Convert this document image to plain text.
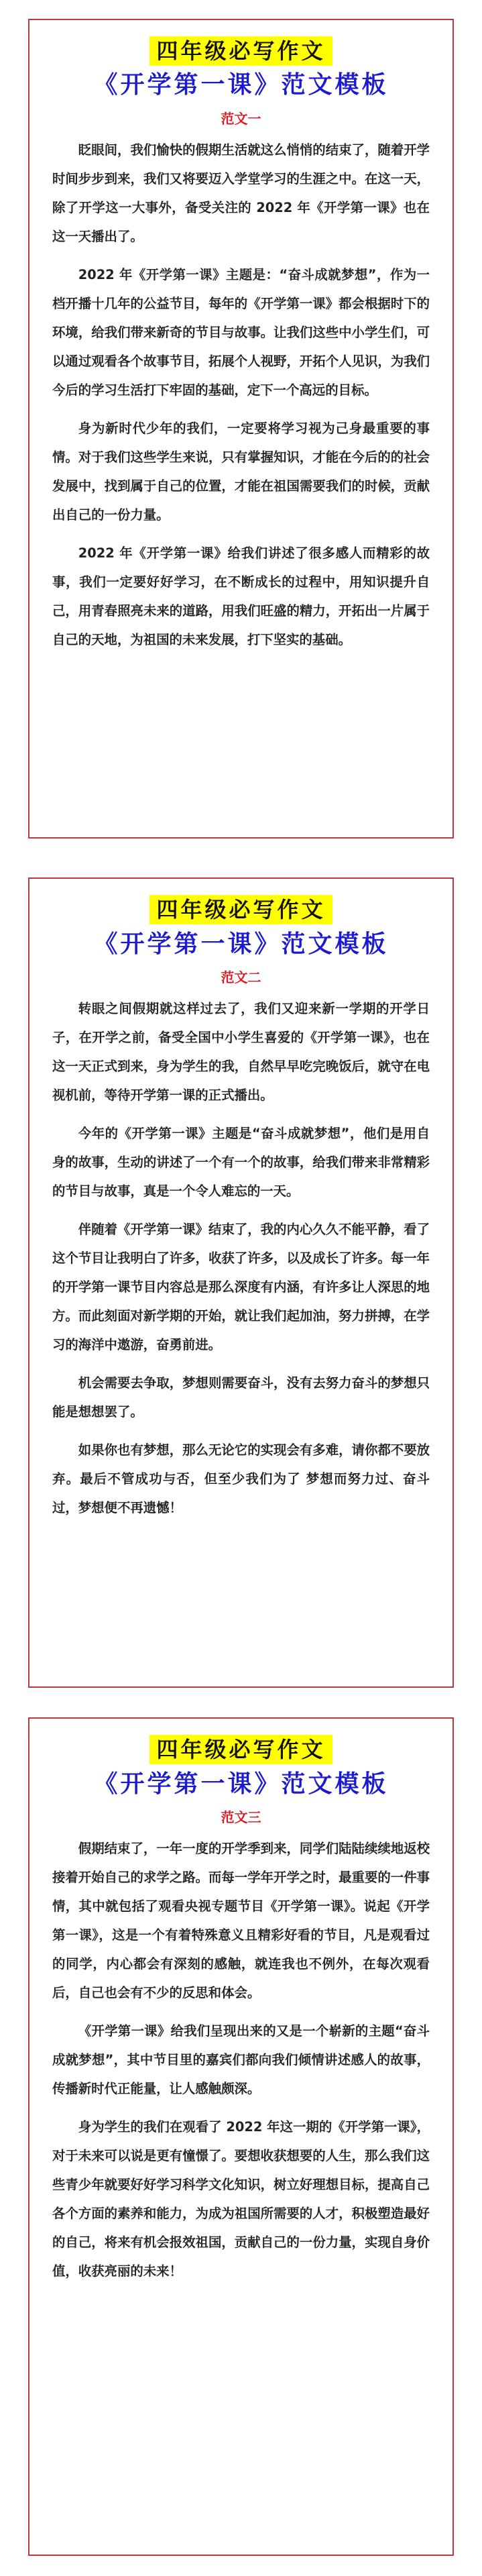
四年级必写作文
《开学第一课》范文模板
范文一

眨眼间，我们愉快的假期生活就这么悄悄的结束了，随着开学时间步步到来，我们又将要迈入学堂学习的生涯之中。在这一天，除了开学这一大事外，备受关注的 2022 年《开学第一课》也在这一天播出了。

2022 年《开学第一课》主题是：“奋斗成就梦想”，作为一档开播十几年的公益节目，每年的《开学第一课》都会根据时下的环境，给我们带来新奇的节目与故事。让我们这些中小学生们，可以通过观看各个故事节目，拓展个人视野，开拓个人见识，为我们今后的学习生活打下牢固的基础，定下一个高远的目标。

身为新时代少年的我们，一定要将学习视为己身最重要的事情。对于我们这些学生来说，只有掌握知识，才能在今后的的社会发展中，找到属于自己的位置，才能在祖国需要我们的时候，贡献出自己的一份力量。

2022 年《开学第一课》给我们讲述了很多感人而精彩的故事，我们一定要好好学习，在不断成长的过程中，用知识提升自己，用青春照亮未来的道路，用我们旺盛的精力，开拓出一片属于自己的天地，为祖国的未来发展，打下坚实的基础。

四年级必写作文
《开学第一课》范文模板
范文二

转眼之间假期就这样过去了，我们又迎来新一学期的开学日子，在开学之前，备受全国中小学生喜爱的《开学第一课》，也在这一天正式到来，身为学生的我，自然早早吃完晚饭后，就守在电视机前，等待开学第一课的正式播出。

今年的《开学第一课》主题是“奋斗成就梦想”，他们是用自身的故事，生动的讲述了一个有一个的故事，给我们带来非常精彩的节目与故事，真是一个令人难忘的一天。

伴随着《开学第一课》结束了，我的内心久久不能平静，看了这个节目让我明白了许多，收获了许多，以及成长了许多。每一年的开学第一课节目内容总是那么深度有内涵，有许多让人深思的地方。而此刻面对新学期的开始，就让我们起加油，努力拼搏，在学习的海洋中遨游，奋勇前进。

机会需要去争取，梦想则需要奋斗，没有去努力奋斗的梦想只能是想想罢了。

如果你也有梦想，那么无论它的实现会有多难，请你都不要放弃。最后不管成功与否，但至少我们为了 梦想而努力过、奋斗过，梦想便不再遗憾！

四年级必写作文
《开学第一课》范文模板
范文三

假期结束了，一年一度的开学季到来，同学们陆陆续续地返校接着开始自己的求学之路。而每一学年开学之时，最重要的一件事情，其中就包括了观看央视专题节目《开学第一课》。说起《开学第一课》，这是一个有着特殊意义且精彩好看的节目，凡是观看过的同学，内心都会有深刻的感触，就连我也不例外，在每次观看后，自己也会有不少的反思和体会。

《开学第一课》给我们呈现出来的又是一个崭新的主题“奋斗成就梦想”，其中节目里的嘉宾们都向我们倾情讲述感人的故事，传播新时代正能量，让人感触颇深。

身为学生的我们在观看了 2022 年这一期的《开学第一课》，对于未来可以说是更有憧憬了。要想收获想要的人生，那么我们这些青少年就要好好学习科学文化知识，树立好理想目标，提高自己各个方面的素养和能力，为成为祖国所需要的人才，积极塑造最好的自己，将来有机会报效祖国，贡献自己的一份力量，实现自身价值，收获亮丽的未来！
